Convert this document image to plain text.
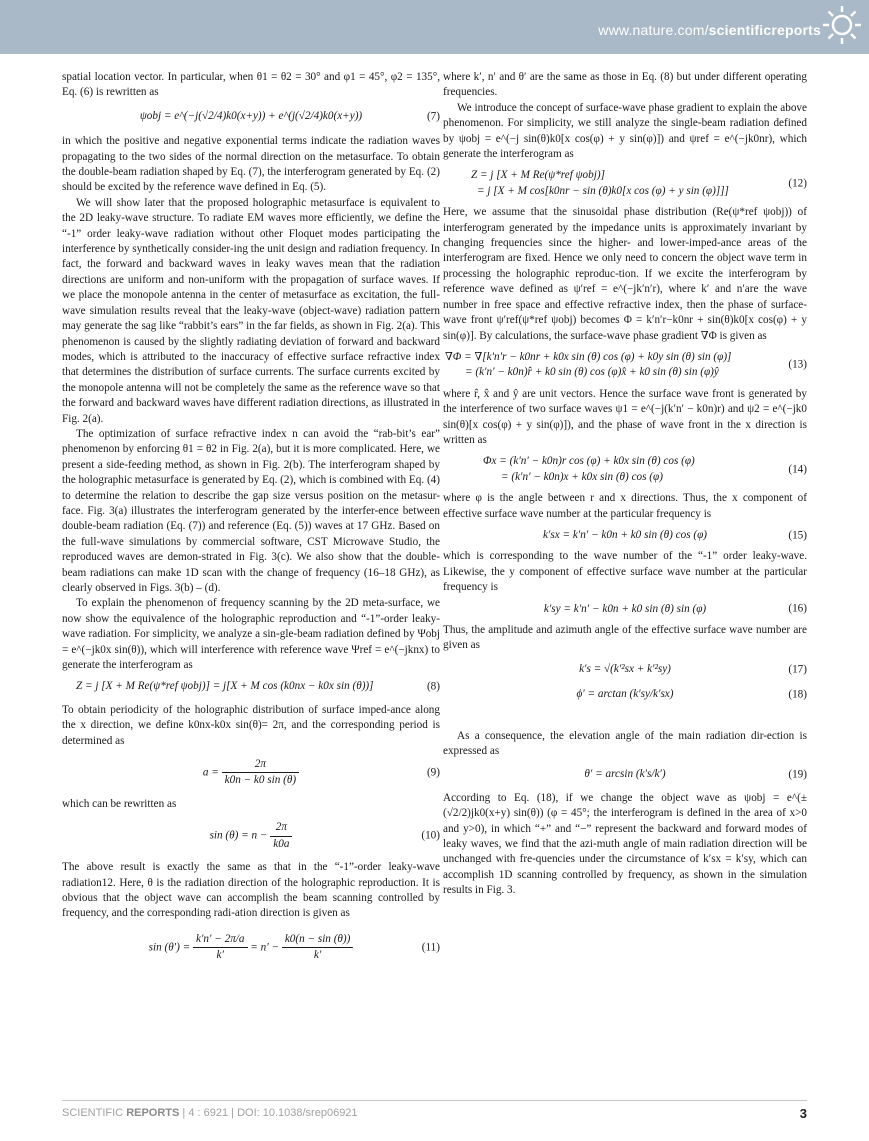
www.nature.com/scientificreports

spatial location vector. In particular, when θ1 = θ2 = 30° and φ1 = 45°, φ2 = 135°, Eq. (6) is rewritten as

ψobj = e^(−j(√2/4)k0(x+y)) + e^(j(√2/4)k0(x+y))	(7)

in which the positive and negative exponential terms indicate the radiation waves propagating to the two sides of the normal direction on the metasurface. To obtain the double-beam radiation shaped by Eq. (7), the interferogram generated by Eq. (2) should be excited by the reference wave defined in Eq. (5).

We will show later that the proposed holographic metasurface is equivalent to the 2D leaky-wave structure. To radiate EM waves more efficiently, we define the “-1” order leaky-wave radiation without other Floquet modes participating the interference by synthetically consider-ing the unit design and radiation frequency. In fact, the forward and backward waves in leaky waves mean that the radiation directions are uniform and non-uniform with the propagation of surface waves. If we place the monopole antenna in the center of metasurface as excitation, the full-wave simulation results reveal that the leaky-wave (object-wave) radiation pattern may generate the sag like “rabbit’s ears” in the far fields, as shown in Fig. 2(a). This phenomenon is caused by the slightly radiating deviation of forward and backward modes, which is attributed to the inaccuracy of effective surface refractive index that determines the distribution of surface currents. The surface currents excited by the monopole antenna will not be completely the same as the reference wave so that the forward and backward waves have different radiation directions, as illustrated in Fig. 2(a).

The optimization of surface refractive index n can avoid the “rab-bit’s ear” phenomenon by enforcing θ1 = θ2 in Fig. 2(a), but it is more complicated. Here, we present a side-feeding method, as shown in Fig. 2(b). The interferogram shaped by the holographic metasurface is generated by Eq. (2), which is combined with Eq. (4) to determine the relation to describe the gap size versus position on the metasur-face. Fig. 3(a) illustrates the interferogram generated by the interfer-ence between double-beam radiation (Eq. (7)) and reference (Eq. (5)) waves at 17 GHz. Based on the full-wave simulations by commercial software, CST Microwave Studio, the reproduced waves are demon-strated in Fig. 3(c). We also show that the double-beam radiations can make 1D scan with the change of frequency (16–18 GHz), as clearly observed in Figs. 3(b) – (d).

To explain the phenomenon of frequency scanning by the 2D meta-surface, we now show the equivalence of the holographic reproduction and “-1”-order leaky-wave radiation. For simplicity, we analyze a sin-gle-beam radiation defined by Ψobj = e^(−jk0x sin(θ)), which will interference with reference wave Ψref = e^(−jknx) to generate the interferogram as

Z = j [X + M Re(ψ*ref ψobj)] = j[X + M cos (k0nx − k0x sin (θ))]	(8)

To obtain periodicity of the holographic distribution of surface imped-ance along the x direction, we define k0nx-k0x sin(θ)= 2π, and the corresponding period is determined as

$a = \frac{2\pi}{k0n - k0 \sin (\theta)}$	(9)

which can be rewritten as

$\sin (\theta) = n - \frac{2\pi}{k0a}$	(10)

The above result is exactly the same as that in the “-1”-order leaky-wave radiation12. Here, θ is the radiation direction of the holographic reproduction. It is obvious that the object wave can accomplish the beam scanning controlled by frequency, and the corresponding radi-ation direction is given as

$\sin (\theta') = \frac{k'n' - 2\pi/a}{k'} = n' - \frac{k0(n - \sin (\theta))}{k'}$	(11)

where k′, n′ and θ′ are the same as those in Eq. (8) but under different operating frequencies.

We introduce the concept of surface-wave phase gradient to explain the above phenomenon. For simplicity, we still analyze the single-beam radiation defined by ψobj = e^(−j sin(θ)k0[x cos(φ) + y sin(φ)]) and ψref = e^(−jk0nr), which generate the interferogram as

Z = j [X + M Re(ψ*ref ψobj)]
= j [X + M cos[k0nr − sin (θ)k0[x cos (φ) + y sin (φ)]]]
(12)

Here, we assume that the sinusoidal phase distribution (Re(ψ*ref ψobj)) of interferogram generated by the impedance units is approximately invariant by changing frequencies since the higher- and lower-imped-ance areas of the interferogram are fixed. Hence we only need to concern the object wave term in processing the holographic reproduc-tion. If we excite the interferogram by reference wave defined as ψ′ref = e^(−jk′n′r), where k′ and n′are the wave number in free space and effective refractive index, then the phase of surface-wave front ψ′ref(ψ*ref ψobj) becomes Φ = k′n′r−k0nr + sin(θ)k0[x cos(φ) + y sin(φ)]. By calculations, the surface-wave phase gradient ∇Φ is given as

∇Φ = ∇[k′n′r − k0nr + k0x sin (θ) cos (φ) + k0y sin (θ) sin (φ)]
= (k′n′ − k0n)r̂ + k0 sin (θ) cos (φ)x̂ + k0 sin (θ) sin (φ)ŷ
(13)

where r̂, x̂ and ŷ are unit vectors. Hence the surface wave front is generated by the interference of two surface waves ψ1 = e^(−j(k′n′ − k0n)r) and ψ2 = e^(−jk0 sin(θ)[x cos(φ) + y sin(φ)]), and the phase of wave front in the x direction is written as

Φx = (k′n′ − k0n)r cos (φ) + k0x sin (θ) cos (φ)
= (k′n′ − k0n)x + k0x sin (θ) cos (φ)
(14)

where φ is the angle between r and x directions. Thus, the x component of effective surface wave number at the particular frequency is

k′sx = k′n′ − k0n + k0 sin (θ) cos (φ)	(15)

which is corresponding to the wave number of the “-1” order leaky-wave. Likewise, the y component of effective surface wave number at the particular frequency is

k′sy = k′n′ − k0n + k0 sin (θ) sin (φ)	(16)

Thus, the amplitude and azimuth angle of the effective surface wave number are given as

k′s = √(k′²sx + k′²sy)	(17)
ϕ′ = arctan (k′sy/k′sx)	(18)

As a consequence, the elevation angle of the main radiation dir-ection is expressed as

θ′ = arcsin (k′s/k′)	(19)

According to Eq. (18), if we change the object wave as ψobj = e^(±(√2/2)jk0(x+y) sin(θ)) (φ = 45°; the interferogram is defined in the area of x>0 and y>0), in which “+” and “−” represent the backward and forward modes of leaky waves, we find that the azi-muth angle of main radiation direction will be unchanged with fre-quencies under the circumstance of k′sx = k′sy, which can accomplish 1D scanning controlled by frequency, as shown in the simulation results in Fig. 3.

SCIENTIFIC REPORTS | 4 : 6921 | DOI: 10.1038/srep06921	3
